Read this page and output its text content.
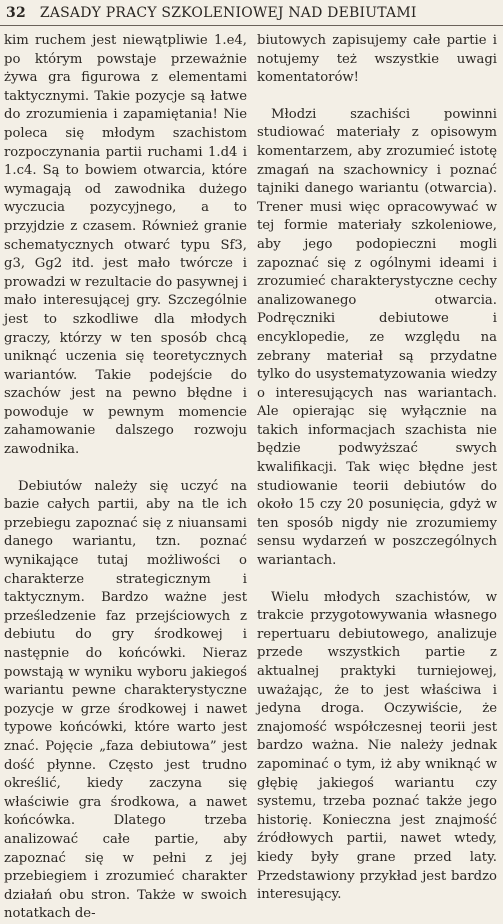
32 ZASADY PRACY SZKOLENIOWEJ NAD DEBIUTAMI

kim ruchem jest niewątpliwie 1.e4, po którym powstaje przeważnie żywa gra figurowa z elementami taktycznymi. Takie pozycje są łatwe do zrozumienia i zapamiętania! Nie poleca się młodym szachistom rozpoczynania partii ruchami 1.d4 i 1.c4. Są to bowiem otwarcia, które wymagają od zawodnika dużego wyczucia pozycyjnego, a to przyjdzie z czasem. Również granie schematycznych otwarć typu Sf3, g3, Gg2 itd. jest mało twórcze i prowadzi w rezultacie do pasywnej i mało interesującej gry. Szczególnie jest to szkodliwe dla młodych graczy, którzy w ten sposób chcą uniknąć uczenia się teoretycznych wariantów. Takie podejście do szachów jest na pewno błędne i powoduje w pewnym momencie zahamowanie dalszego rozwoju zawodnika.

Debiutów należy się uczyć na bazie całych partii, aby na tle ich przebiegu zapoznać się z niuansami danego wariantu, tzn. poznać wynikające tutaj możliwości o charakterze strategicznym i taktycznym. Bardzo ważne jest prześledzenie faz przejściowych z debiutu do gry środkowej i następnie do końcówki. Nieraz powstają w wyniku wyboru jakiegoś wariantu pewne charakterystyczne pozycje w grze środkowej i nawet typowe końcówki, które warto jest znać. Pojęcie „faza debiutowa” jest dość płynne. Często jest trudno określić, kiedy zaczyna się właściwie gra środkowa, a nawet końcówka. Dlatego trzeba analizować całe partie, aby zapoznać się w pełni z jej przebiegiem i zrozumieć charakter działań obu stron. Także w swoich notatkach de-

biutowych zapisujemy całe partie i notujemy też wszystkie uwagi komentatorów!

Młodzi szachiści powinni studiować materiały z opisowym komentarzem, aby zrozumieć istotę zmagań na szachownicy i poznać tajniki danego wariantu (otwarcia). Trener musi więc opracowywać w tej formie materiały szkoleniowe, aby jego podopieczni mogli zapoznać się z ogólnymi ideami i zrozumieć charakterystyczne cechy analizowanego otwarcia. Podręczniki debiutowe i encyklopedie, ze względu na zebrany materiał są przydatne tylko do usystematyzowania wiedzy o interesujących nas wariantach. Ale opierając się wyłącznie na takich informacjach szachista nie będzie podwyższać swych kwalifikacji. Tak więc błędne jest studiowanie teorii debiutów do około 15 czy 20 posunięcia, gdyż w ten sposób nigdy nie zrozumiemy sensu wydarzeń w poszczególnych wariantach.

Wielu młodych szachistów, w trakcie przygotowywania własnego repertuaru debiutowego, analizuje przede wszystkich partie z aktualnej praktyki turniejowej, uważając, że to jest właściwa i jedyna droga. Oczywiście, że znajomość współczesnej teorii jest bardzo ważna. Nie należy jednak zapominać o tym, iż aby wniknąć w głębię jakiegoś wariantu czy systemu, trzeba poznać także jego historię. Konieczna jest znajmość źródłowych partii, nawet wtedy, kiedy były grane przed laty. Przedstawiony przykład jest bardzo interesujący.
